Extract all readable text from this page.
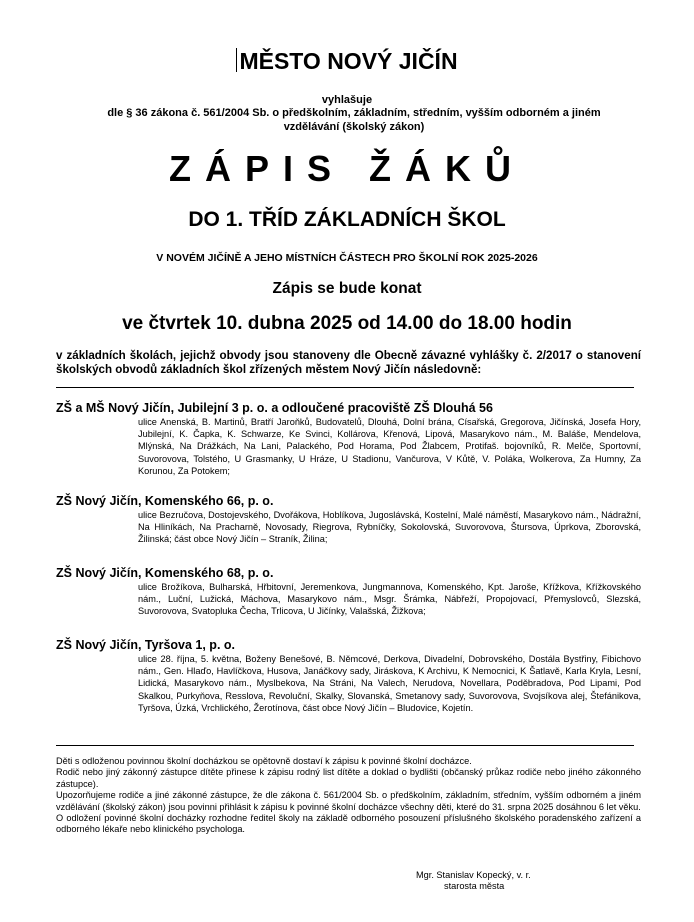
MĚSTO NOVÝ JIČÍN
vyhlašuje
dle § 36 zákona č. 561/2004 Sb. o předškolním, základním, středním, vyšším odborném a jiném vzdělávání (školský zákon)
ZÁPIS ŽÁKŮ
DO 1. TŘÍD ZÁKLADNÍCH ŠKOL
V NOVÉM JIČÍNĚ A JEHO MÍSTNÍCH ČÁSTECH PRO ŠKOLNÍ ROK 2025-2026
Zápis se bude konat
ve čtvrtek 10. dubna 2025 od 14.00 do 18.00 hodin
v základních školách, jejichž obvody jsou stanoveny dle Obecně závazné vyhlášky č. 2/2017 o stanovení školských obvodů základních škol zřízených městem Nový Jičín následovně:
ZŠ a MŠ Nový Jičín, Jubilejní 3 p. o. a odloučené pracoviště ZŠ Dlouhá 56
ulice Anenská, B. Martinů, Bratří Jaroňků, Budovatelů, Dlouhá, Dolní brána, Císařská, Gregorova, Jičínská, Josefa Hory, Jubilejní, K. Čapka, K. Schwarze, Ke Svinci, Kollárova, Křenová, Lipová, Masarykovo nám., M. Baláše, Mendelova, Mlýnská, Na Drážkách, Na Lani, Palackého, Pod Horama, Pod Žlabcem, Protifaš. bojovníků, R. Melče, Sportovní, Suvorovova, Tolstého, U Grasmanky, U Hráze, U Stadionu, Vančurova, V Kůtě, V. Poláka, Wolkerova, Za Humny, Za Korunou, Za Potokem;
ZŠ Nový Jičín, Komenského 66, p. o.
ulice Bezručova, Dostojevského, Dvořákova, Hoblíkova, Jugoslávská, Kostelní, Malé náměstí, Masarykovo nám., Nádražní, Na Hliníkách, Na Pracharně, Novosady, Riegrova, Rybníčky, Sokolovská, Suvorovova, Štursova, Úprkova, Zborovská, Žilinská; část obce Nový Jičín – Straník, Žilina;
ZŠ Nový Jičín, Komenského 68, p. o.
ulice Brožíkova, Bulharská, Hřbitovní, Jeremenkova, Jungmannova, Komenského, Kpt. Jaroše, Křížkova, Křížkovského nám., Luční, Lužická, Máchova, Masarykovo nám., Msgr. Šrámka, Nábřeží, Propojovací, Přemyslovců, Slezská, Suvorovova, Svatopluka Čecha, Trlicova, U Jičínky, Valašská, Žižkova;
ZŠ Nový Jičín, Tyršova 1, p. o.
ulice 28. října, 5. května, Boženy Benešové, B. Němcové, Derkova, Divadelní, Dobrovského, Dostála Bystřiny, Fibichovo nám., Gen. Hlaďo, Havlíčkova, Husova, Janáčkovy sady, Jiráskova, K Archivu, K Nemocnici, K Šatlavě, Karla Kryla, Lesní, Lidická, Masarykovo nám., Myslbekova, Na Stráni, Na Valech, Nerudova, Novellara, Poděbradova, Pod Lipami, Pod Skalkou, Purkyňova, Resslova, Revoluční, Skalky, Slovanská, Smetanovy sady, Suvorovova, Svojsíkova alej, Štefánikova, Tyršova, Úzká, Vrchlického, Žerotínova, část obce Nový Jičín – Bludovice, Kojetín.

Děti s odloženou povinnou školní docházkou se opětovně dostaví k zápisu k povinné školní docházce.

Rodič nebo jiný zákonný zástupce dítěte přinese k zápisu rodný list dítěte a doklad o bydlišti (občanský průkaz rodiče nebo jiného zákonného zástupce).

Upozorňujeme rodiče a jiné zákonné zástupce, že dle zákona č. 561/2004 Sb. o předškolním, základním, středním, vyšším odborném a jiném vzdělávání (školský zákon) jsou povinni přihlásit k zápisu k povinné školní docházce všechny děti, které do 31. srpna 2025 dosáhnou 6 let věku.

O odložení povinné školní docházky rozhodne ředitel školy na základě odborného posouzení příslušného školského poradenského zařízení a odborného lékaře nebo klinického psychologa.

Mgr. Stanislav Kopecký, v. r.
starosta města
